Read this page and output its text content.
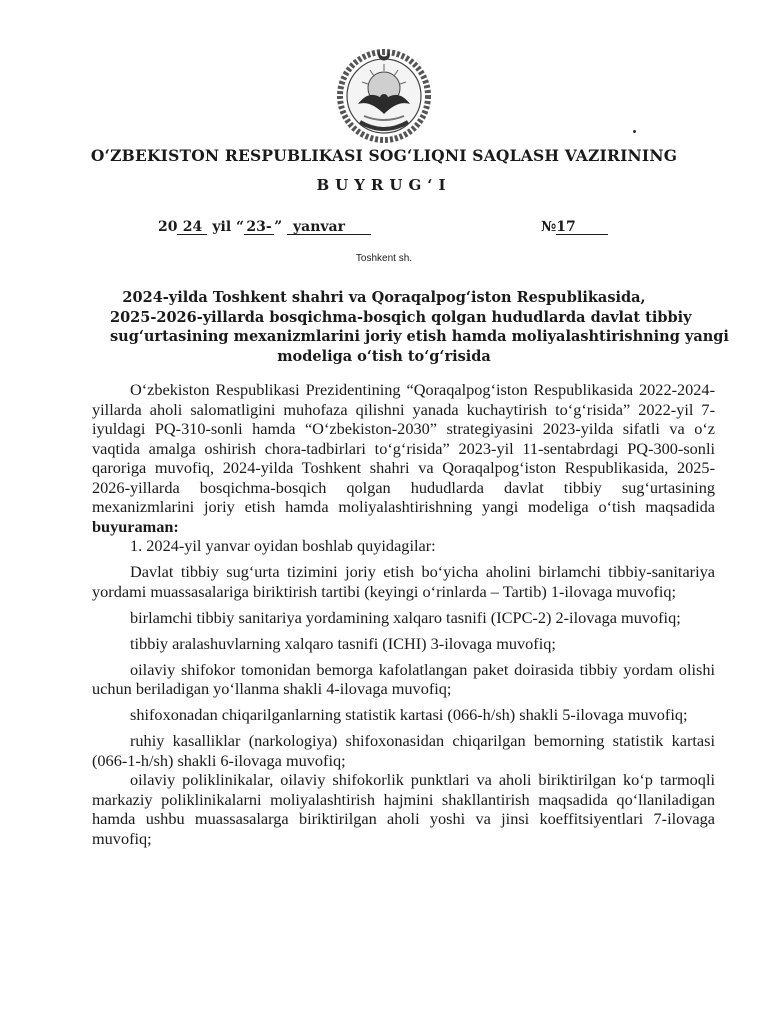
O‘ZBEKISTON RESPUBLIKASI SOG‘LIQNI SAQLASH VAZIRINING
BUYRUG‘I
20 24 yil “ 23- ” yanvar	№17
Toshkent sh.
2024-yilda Toshkent shahri va Qoraqalpog‘iston Respublikasida,
2025-2026-yillarda bosqichma-bosqich qolgan hududlarda davlat tibbiy
sug‘urtasining mexanizmlarini joriy etish hamda moliyalashtirishning yangi
modeliga o‘tish to‘g‘risida

O‘zbekiston Respublikasi Prezidentining “Qoraqalpog‘iston Respublikasida 2022-2024-yillarda aholi salomatligini muhofaza qilishni yanada kuchaytirish to‘g‘risida” 2022-yil 7-iyuldagi PQ-310-sonli hamda “O‘zbekiston-2030” strategiyasini 2023-yilda sifatli va o‘z vaqtida amalga oshirish chora-tadbirlari to‘g‘risida” 2023-yil 11-sentabrdagi PQ-300-sonli qaroriga muvofiq, 2024-yilda Toshkent shahri va Qoraqalpog‘iston Respublikasida, 2025-2026-yillarda bosqichma-bosqich qolgan hududlarda davlat tibbiy sug‘urtasining mexanizmlarini joriy etish hamda moliyalashtirishning yangi modeliga o‘tish maqsadida buyuraman:

1. 2024-yil yanvar oyidan boshlab quyidagilar:

Davlat tibbiy sug‘urta tizimini joriy etish bo‘yicha aholini birlamchi tibbiy-sanitariya yordami muassasalariga biriktirish tartibi (keyingi o‘rinlarda – Tartib) 1-ilovaga muvofiq;

birlamchi tibbiy sanitariya yordamining xalqaro tasnifi (ICPC-2) 2-ilovaga muvofiq;

tibbiy aralashuvlarning xalqaro tasnifi (ICHI) 3-ilovaga muvofiq;

oilaviy shifokor tomonidan bemorga kafolatlangan paket doirasida tibbiy yordam olishi uchun beriladigan yo‘llanma shakli 4-ilovaga muvofiq;

shifoxonadan chiqarilganlarning statistik kartasi (066-h/sh) shakli 5-ilovaga muvofiq;

ruhiy kasalliklar (narkologiya) shifoxonasidan chiqarilgan bemorning statistik kartasi (066-1-h/sh) shakli 6-ilovaga muvofiq;

oilaviy poliklinikalar, oilaviy shifokorlik punktlari va aholi biriktirilgan ko‘p tarmoqli markaziy poliklinikalarni moliyalashtirish hajmini shakllantirish maqsadida qo‘llaniladigan hamda ushbu muassasalarga biriktirilgan aholi yoshi va jinsi koeffitsiyentlari 7-ilovaga muvofiq;
